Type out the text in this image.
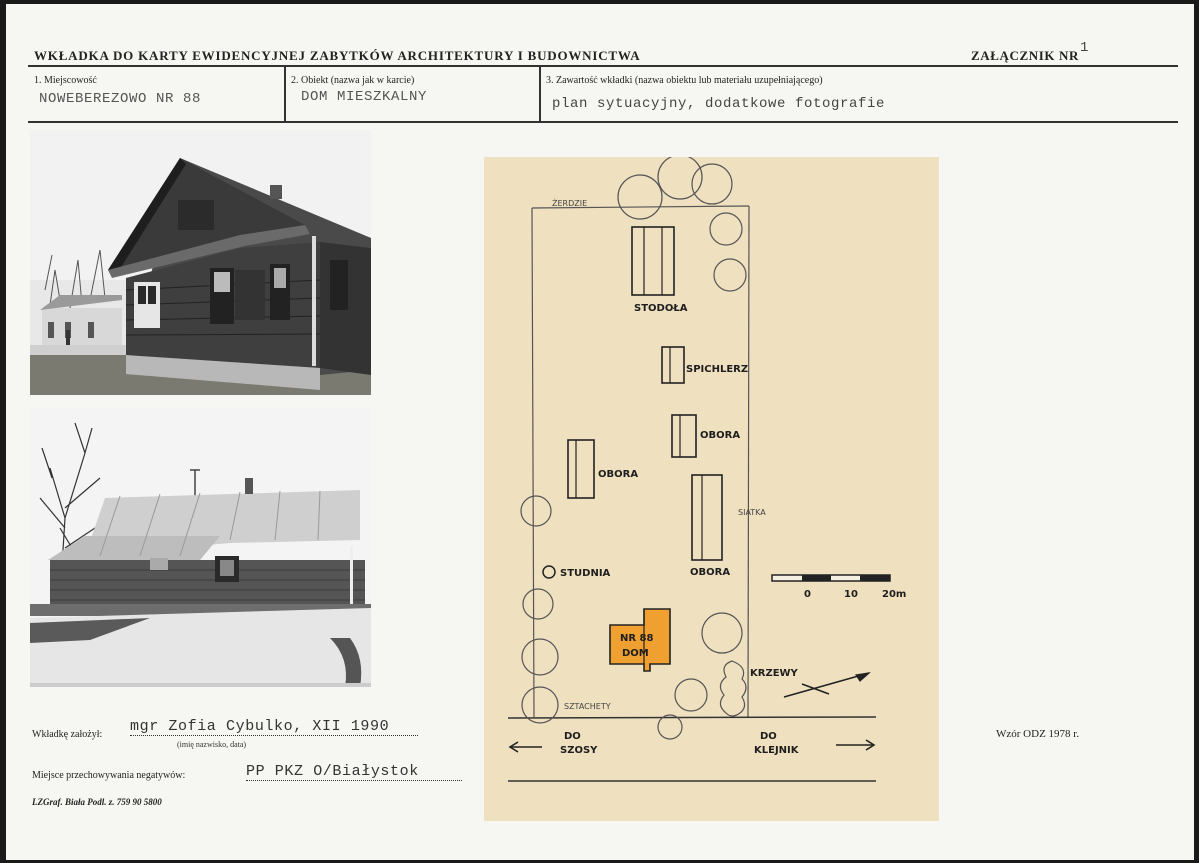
WKŁADKA DO KARTY EWIDENCYJNEJ ZABYTKÓW ARCHITEKTURY I BUDOWNICTWA	ZAŁĄCZNIK NR 1
1. Miejscowość
NOWEBEREZOWO NR 88
2. Obiekt (nazwa jak w karcie)
DOM MIESZKALNY
3. Zawartość wkładki (nazwa obiektu lub materiału uzupełniającego)
plan sytuacyjny, dodatkowe fotografie
Wkładkę założył: mgr Zofia Cybulko, XII 1990
(imię nazwisko, data)
Miejsce przechowywania negatywów:	PP PKZ O/Białystok
LZGraf. Biała Podl. z. 759 90 5800
Wzór ODZ 1978 r.
ŻERDZIE
STODOŁA
SPICHLERZ
OBORA
OBORA
OBORA
SIATKA
STUDNIA
NR 88
DOM
KRZEWY
SZTACHETY
DO
SZOSY
DO
KLEJNIK
0	10 20m
